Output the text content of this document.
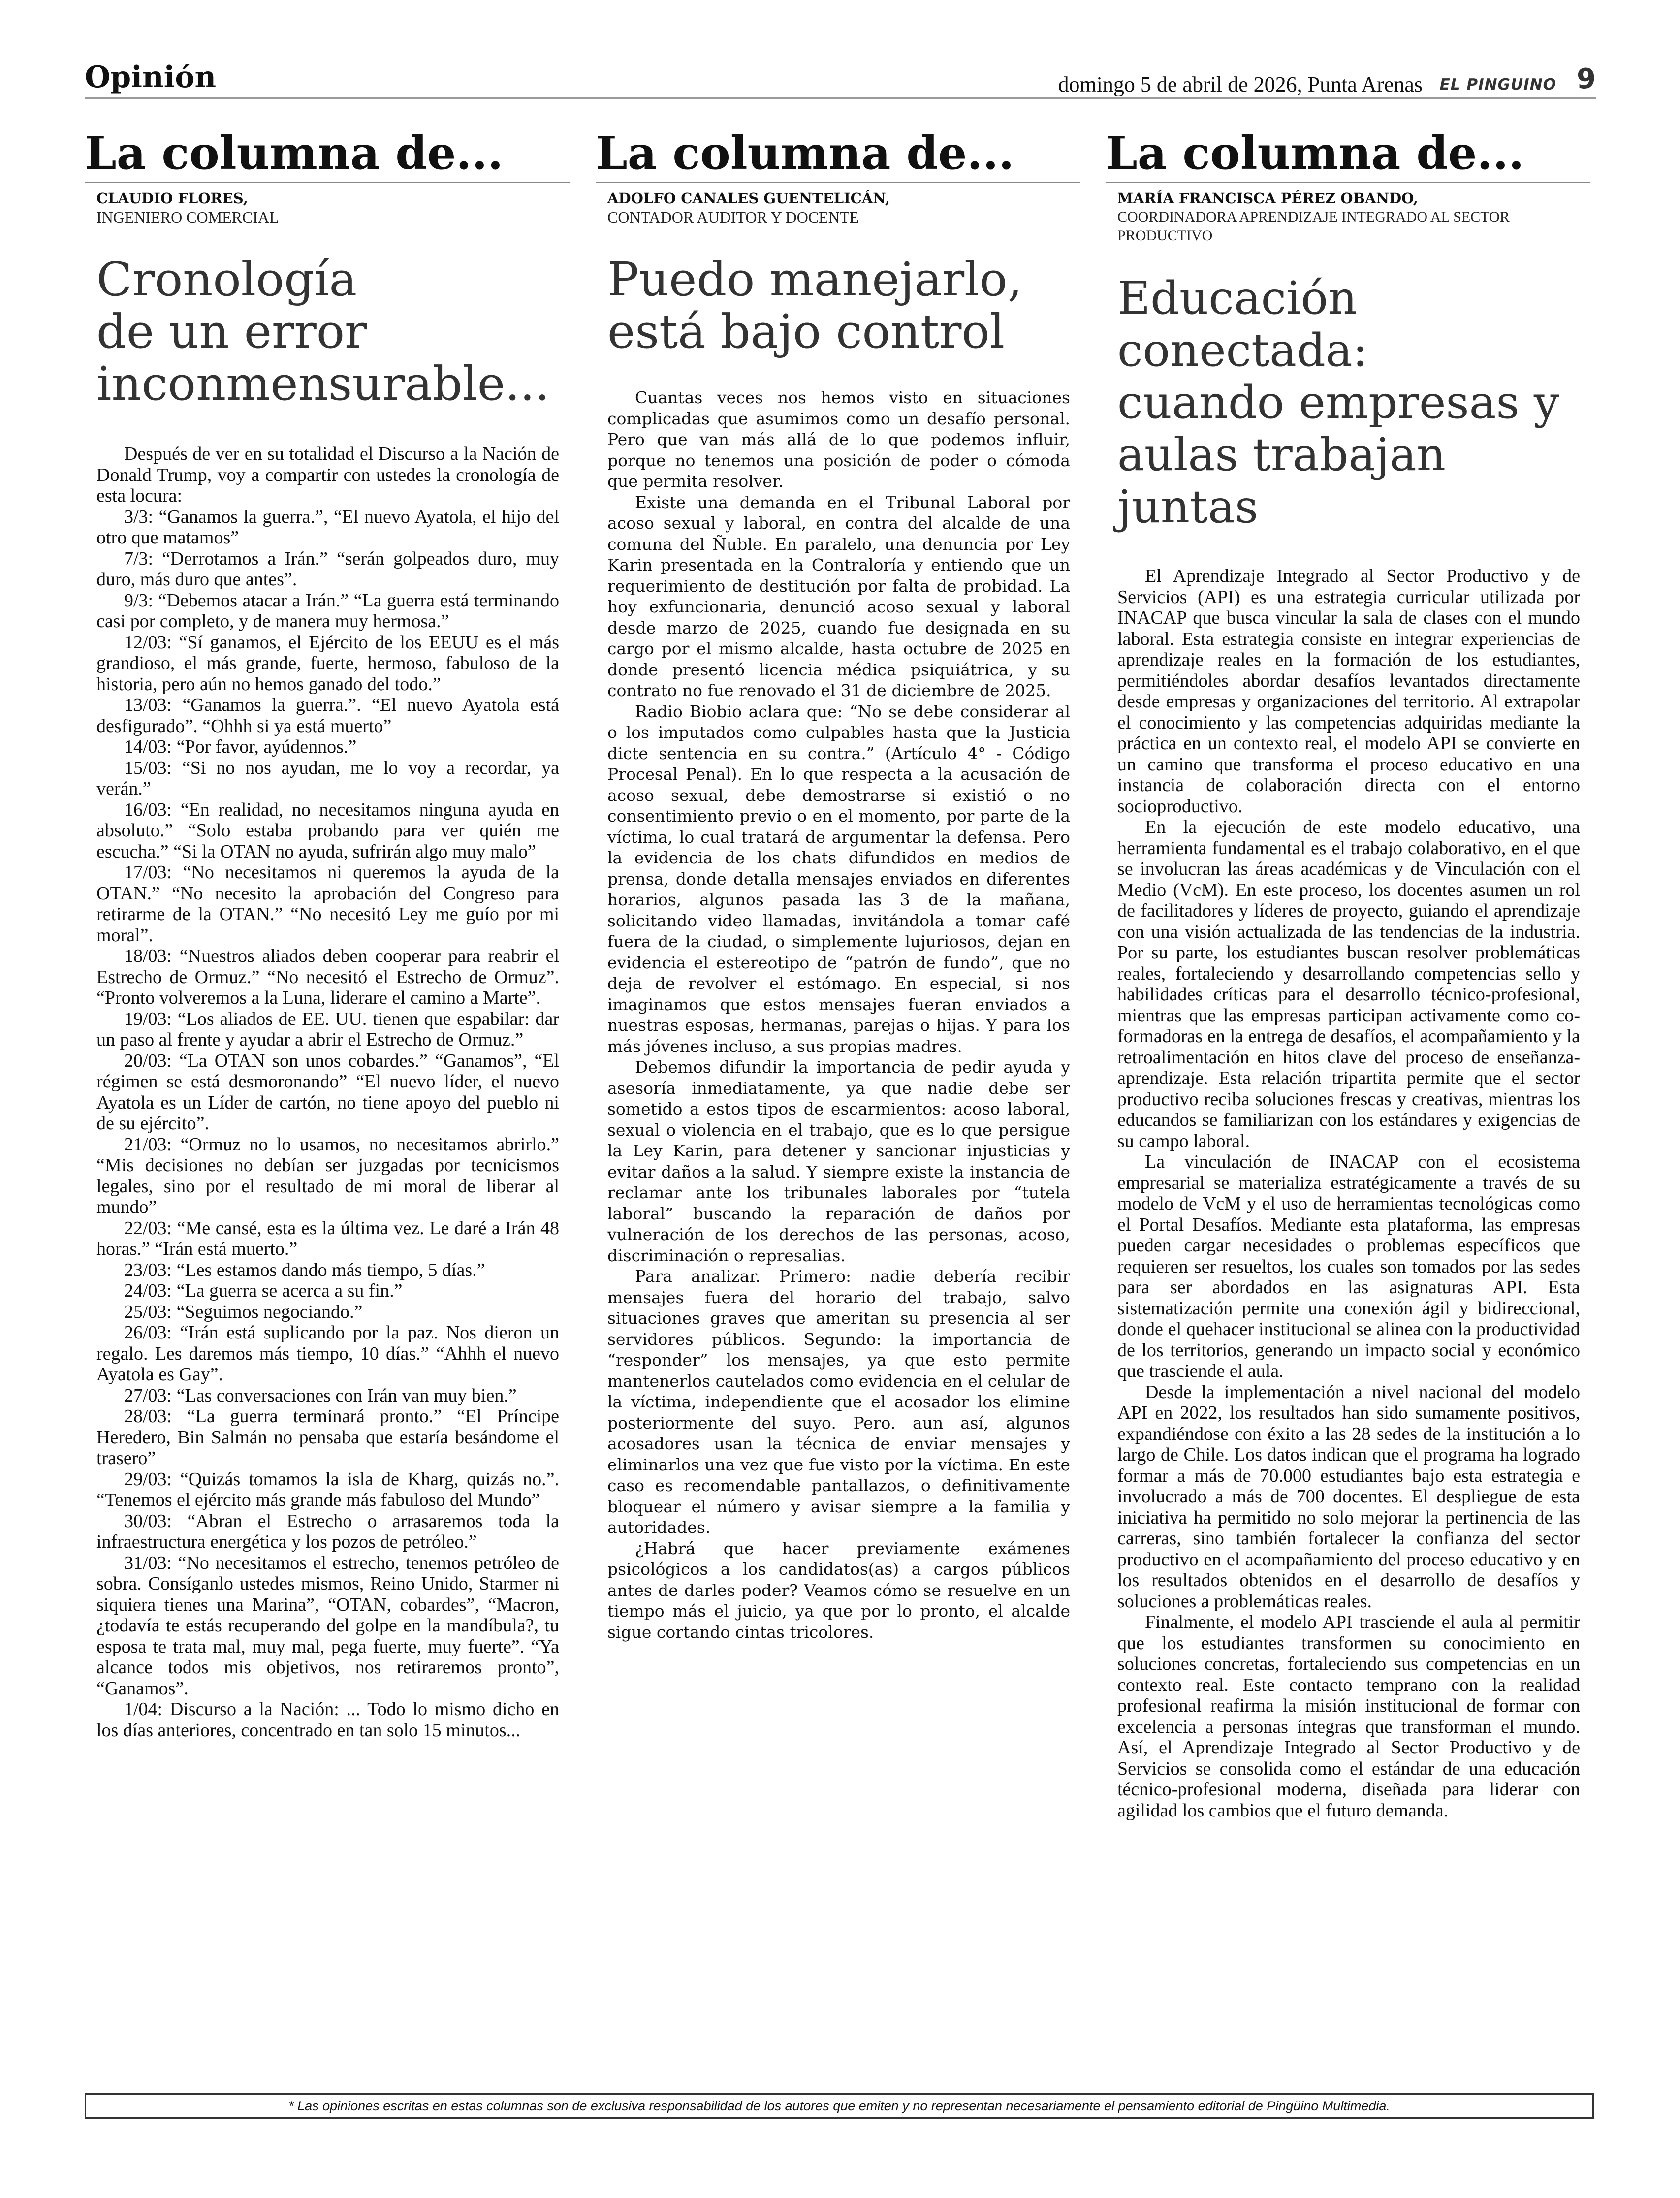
Opinión	domingo 5 de abril de 2026, Punta Arenas EL PINGUINO 9
La columna de...
CLAUDIO FLORES,
INGENIERO COMERCIAL
Cronología
de un error
inconmensurable...

Después de ver en su totalidad el Discurso a la Nación de Donald Trump, voy a compartir con ustedes la cronología de esta locura:

3/3: “Ganamos la guerra.”, “El nuevo Ayatola, el hijo del otro que matamos”

7/3: “Derrotamos a Irán.” “serán golpeados duro, muy duro, más duro que antes”.

9/3: “Debemos atacar a Irán.” “La guerra está terminando casi por completo, y de manera muy hermosa.”

12/03: “Sí ganamos, el Ejército de los EEUU es el más grandioso, el más grande, fuerte, hermoso, fabuloso de la historia, pero aún no hemos ganado del todo.”

13/03: “Ganamos la guerra.”. “El nuevo Ayatola está desfigurado”. “Ohhh si ya está muerto”

14/03: “Por favor, ayúdennos.”

15/03: “Si no nos ayudan, me lo voy a recordar, ya verán.”

16/03: “En realidad, no necesitamos ninguna ayuda en absoluto.” “Solo estaba probando para ver quién me escucha.” “Si la OTAN no ayuda, sufrirán algo muy malo”

17/03: “No necesitamos ni queremos la ayuda de la OTAN.” “No necesito la aprobación del Congreso para retirarme de la OTAN.” “No necesitó Ley me guío por mi moral”.

18/03: “Nuestros aliados deben cooperar para reabrir el Estrecho de Ormuz.” “No necesitó el Estrecho de Ormuz”. “Pronto volveremos a la Luna, liderare el camino a Marte”.

19/03: “Los aliados de EE. UU. tienen que espabilar: dar un paso al frente y ayudar a abrir el Estrecho de Ormuz.”

20/03: “La OTAN son unos cobardes.” “Ganamos”, “El régimen se está desmoronando” “El nuevo líder, el nuevo Ayatola es un Líder de cartón, no tiene apoyo del pueblo ni de su ejército”.

21/03: “Ormuz no lo usamos, no necesitamos abrirlo.” “Mis decisiones no debían ser juzgadas por tecnicismos legales, sino por el resultado de mi moral de liberar al mundo”

22/03: “Me cansé, esta es la última vez. Le daré a Irán 48 horas.” “Irán está muerto.”

23/03: “Les estamos dando más tiempo, 5 días.”

24/03: “La guerra se acerca a su fin.”

25/03: “Seguimos negociando.”

26/03: “Irán está suplicando por la paz. Nos dieron un regalo. Les daremos más tiempo, 10 días.” “Ahhh el nuevo Ayatola es Gay”.

27/03: “Las conversaciones con Irán van muy bien.”

28/03: “La guerra terminará pronto.” “El Príncipe Heredero, Bin Salmán no pensaba que estaría besándome el trasero”

29/03: “Quizás tomamos la isla de Kharg, quizás no.”. “Tenemos el ejército más grande más fabuloso del Mundo”

30/03: “Abran el Estrecho o arrasaremos toda la infraestructura energética y los pozos de petróleo.”

31/03: “No necesitamos el estrecho, tenemos petróleo de sobra. Consíganlo ustedes mismos, Reino Unido, Starmer ni siquiera tienes una Marina”, “OTAN, cobardes”, “Macron, ¿todavía te estás recuperando del golpe en la mandíbula?, tu esposa te trata mal, muy mal, pega fuerte, muy fuerte”. “Ya alcance todos mis objetivos, nos retiraremos pronto”, “Ganamos”.

1/04: Discurso a la Nación: ... Todo lo mismo dicho en los días anteriores, concentrado en tan solo 15 minutos...

La columna de...
ADOLFO CANALES GUENTELICÁN,
CONTADOR AUDITOR Y DOCENTE
Puedo manejarlo,
está bajo control

Cuantas veces nos hemos visto en situaciones complicadas que asumimos como un desafío personal. Pero que van más allá de lo que podemos influir, porque no tenemos una posición de poder o cómoda que permita resolver.

Existe una demanda en el Tribunal Laboral por acoso sexual y laboral, en contra del alcalde de una comuna del Ñuble. En paralelo, una denuncia por Ley Karin presentada en la Contraloría y entiendo que un requerimiento de destitución por falta de probidad. La hoy exfuncionaria, denunció acoso sexual y laboral desde marzo de 2025, cuando fue designada en su cargo por el mismo alcalde, hasta octubre de 2025 en donde presentó licencia médica psiquiátrica, y su contrato no fue renovado el 31 de diciembre de 2025.

Radio Biobio aclara que: “No se debe considerar al o los imputados como culpables hasta que la Justicia dicte sentencia en su contra.” (Artículo 4° - Código Procesal Penal). En lo que respecta a la acusación de acoso sexual, debe demostrarse si existió o no consentimiento previo o en el momento, por parte de la víctima, lo cual tratará de argumentar la defensa. Pero la evidencia de los chats difundidos en medios de prensa, donde detalla mensajes enviados en diferentes horarios, algunos pasada las 3 de la mañana, solicitando video llamadas, invitándola a tomar café fuera de la ciudad, o simplemente lujuriosos, dejan en evidencia el estereotipo de “patrón de fundo”, que no deja de revolver el estómago. En especial, si nos imaginamos que estos mensajes fueran enviados a nuestras esposas, hermanas, parejas o hijas. Y para los más jóvenes incluso, a sus propias madres.

Debemos difundir la importancia de pedir ayuda y asesoría inmediatamente, ya que nadie debe ser sometido a estos tipos de escarmientos: acoso laboral, sexual o violencia en el trabajo, que es lo que persigue la Ley Karin, para detener y sancionar injusticias y evitar daños a la salud. Y siempre existe la instancia de reclamar ante los tribunales laborales por “tutela laboral” buscando la reparación de daños por vulneración de los derechos de las personas, acoso, discriminación o represalias.

Para analizar. Primero: nadie debería recibir mensajes fuera del horario del trabajo, salvo situaciones graves que ameritan su presencia al ser servidores públicos. Segundo: la importancia de “responder” los mensajes, ya que esto permite mantenerlos cautelados como evidencia en el celular de la víctima, independiente que el acosador los elimine posteriormente del suyo. Pero. aun así, algunos acosadores usan la técnica de enviar mensajes y eliminarlos una vez que fue visto por la víctima. En este caso es recomendable pantallazos, o definitivamente bloquear el número y avisar siempre a la familia y autoridades.

¿Habrá que hacer previamente exámenes psicológicos a los candidatos(as) a cargos públicos antes de darles poder? Veamos cómo se resuelve en un tiempo más el juicio, ya que por lo pronto, el alcalde sigue cortando cintas tricolores.

La columna de...
MARÍA FRANCISCA PÉREZ OBANDO,
COORDINADORA APRENDIZAJE INTEGRADO AL SECTOR PRODUCTIVO
Educación conectada:
cuando empresas y
aulas trabajan juntas

El Aprendizaje Integrado al Sector Productivo y de Servicios (API) es una estrategia curricular utilizada por INACAP que busca vincular la sala de clases con el mundo laboral. Esta estrategia consiste en integrar experiencias de aprendizaje reales en la formación de los estudiantes, permitiéndoles abordar desafíos levantados directamente desde empresas y organizaciones del territorio. Al extrapolar el conocimiento y las competencias adquiridas mediante la práctica en un contexto real, el modelo API se convierte en un camino que transforma el proceso educativo en una instancia de colaboración directa con el entorno socioproductivo.

En la ejecución de este modelo educativo, una herramienta fundamental es el trabajo colaborativo, en el que se involucran las áreas académicas y de Vinculación con el Medio (VcM). En este proceso, los docentes asumen un rol de facilitadores y líderes de proyecto, guiando el aprendizaje con una visión actualizada de las tendencias de la industria. Por su parte, los estudiantes buscan resolver problemáticas reales, fortaleciendo y desarrollando competencias sello y habilidades críticas para el desarrollo técnico-profesional, mientras que las empresas participan activamente como co-formadoras en la entrega de desafíos, el acompañamiento y la retroalimentación en hitos clave del proceso de enseñanza-aprendizaje. Esta relación tripartita permite que el sector productivo reciba soluciones frescas y creativas, mientras los educandos se familiarizan con los estándares y exigencias de su campo laboral.

La vinculación de INACAP con el ecosistema empresarial se materializa estratégicamente a través de su modelo de VcM y el uso de herramientas tecnológicas como el Portal Desafíos. Mediante esta plataforma, las empresas pueden cargar necesidades o problemas específicos que requieren ser resueltos, los cuales son tomados por las sedes para ser abordados en las asignaturas API. Esta sistematización permite una conexión ágil y bidireccional, donde el quehacer institucional se alinea con la productividad de los territorios, generando un impacto social y económico que trasciende el aula.

Desde la implementación a nivel nacional del modelo API en 2022, los resultados han sido sumamente positivos, expandiéndose con éxito a las 28 sedes de la institución a lo largo de Chile. Los datos indican que el programa ha logrado formar a más de 70.000 estudiantes bajo esta estrategia e involucrado a más de 700 docentes. El despliegue de esta iniciativa ha permitido no solo mejorar la pertinencia de las carreras, sino también fortalecer la confianza del sector productivo en el acompañamiento del proceso educativo y en los resultados obtenidos en el desarrollo de desafíos y soluciones a problemáticas reales.

Finalmente, el modelo API trasciende el aula al permitir que los estudiantes transformen su conocimiento en soluciones concretas, fortaleciendo sus competencias en un contexto real. Este contacto temprano con la realidad profesional reafirma la misión institucional de formar con excelencia a personas íntegras que transforman el mundo. Así, el Aprendizaje Integrado al Sector Productivo y de Servicios se consolida como el estándar de una educación técnico-profesional moderna, diseñada para liderar con agilidad los cambios que el futuro demanda.

* Las opiniones escritas en estas columnas son de exclusiva responsabilidad de los autores que emiten y no representan necesariamente el pensamiento editorial de Pingüino Multimedia.
